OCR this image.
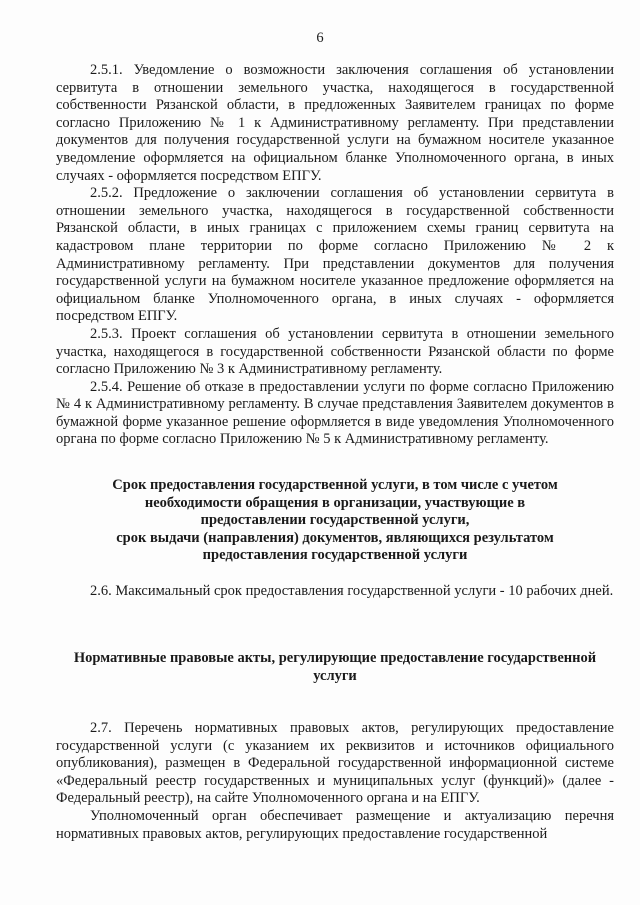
6

2.5.1. Уведомление о возможности заключения соглашения об установлении сервитута в отношении земельного участка, находящегося в государственной собственности Рязанской области, в предложенных Заявителем границах по форме согласно Приложению № 1 к Административному регламенту. При представлении документов для получения государственной услуги на бумажном носителе указанное уведомление оформляется на официальном бланке Уполномоченного органа, в иных случаях - оформляется посредством ЕПГУ.

2.5.2. Предложение о заключении соглашения об установлении сервитута в отношении земельного участка, находящегося в государственной собственности Рязанской области, в иных границах с приложением схемы границ сервитута на кадастровом плане территории по форме согласно Приложению № 2 к Административному регламенту. При представлении документов для получения государственной услуги на бумажном носителе указанное предложение оформляется на официальном бланке Уполномоченного органа, в иных случаях - оформляется посредством ЕПГУ.

2.5.3. Проект соглашения об установлении сервитута в отношении земельного участка, находящегося в государственной собственности Рязанской области по форме согласно Приложению № 3 к Административному регламенту.

2.5.4. Решение об отказе в предоставлении услуги по форме согласно Приложению № 4 к Административному регламенту. В случае представления Заявителем документов в бумажной форме указанное решение оформляется в виде уведомления Уполномоченного органа по форме согласно Приложению № 5 к Административному регламенту.

Срок предоставления государственной услуги, в том числе с учетом

необходимости обращения в организации, участвующие в

предоставлении государственной услуги,

срок выдачи (направления) документов, являющихся результатом

предоставления государственной услуги

2.6. Максимальный срок предоставления государственной услуги - 10 рабочих дней.

Нормативные правовые акты, регулирующие предоставление государственной

услуги

2.7. Перечень нормативных правовых актов, регулирующих предоставление государственной услуги (с указанием их реквизитов и источников официального опубликования), размещен в Федеральной государственной информационной системе «Федеральный реестр государственных и муниципальных услуг (функций)» (далее - Федеральный реестр), на сайте Уполномоченного органа и на ЕПГУ.

Уполномоченный орган обеспечивает размещение и актуализацию перечня нормативных правовых актов, регулирующих предоставление государственной
